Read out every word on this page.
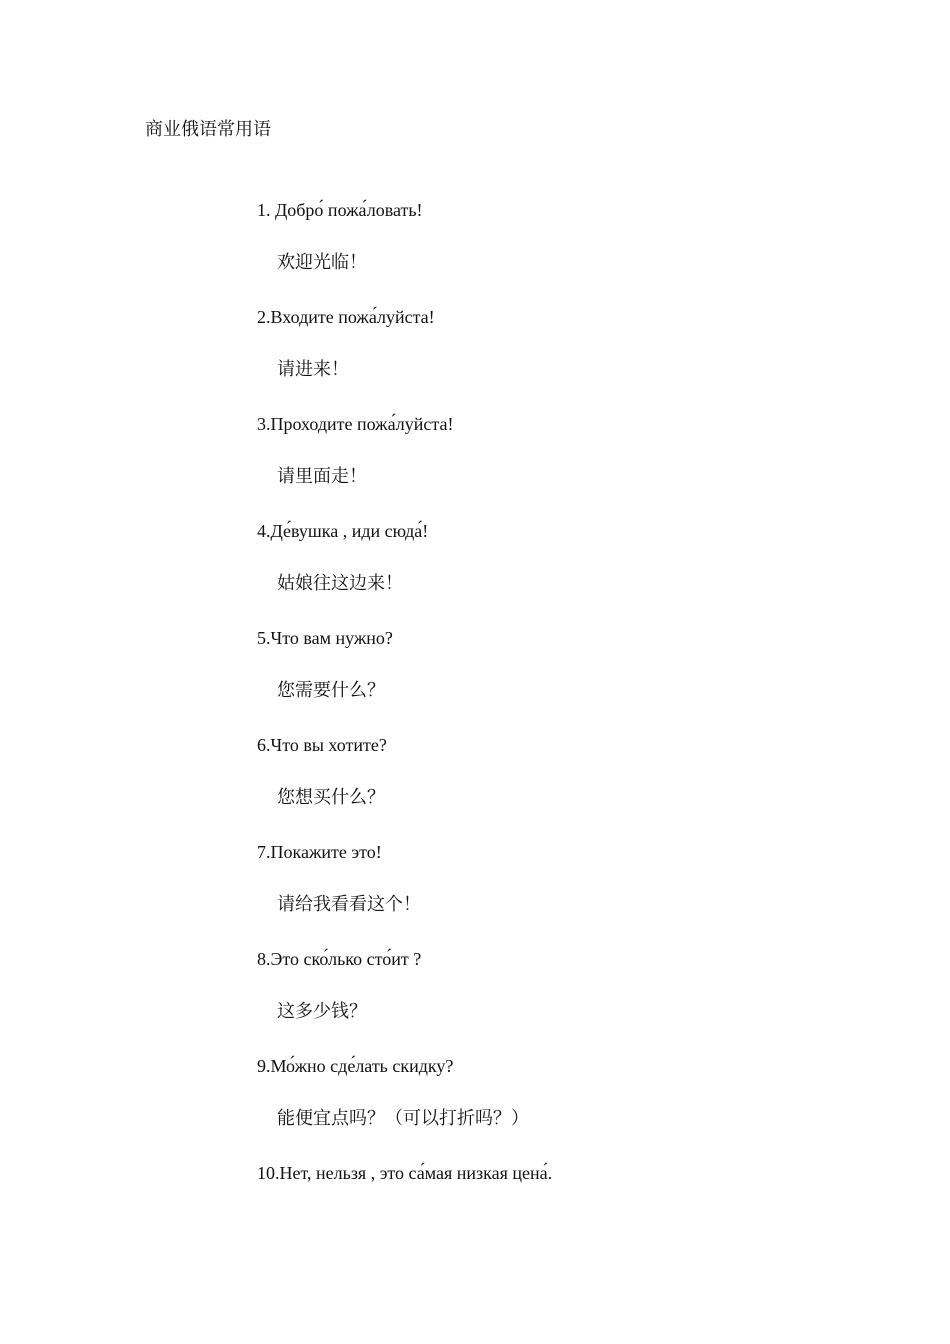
商业俄语常用语
1. Добро́ пожа́ловать!
欢迎光临！
2.Входите пожа́луйста!
请进来！
3.Проходите пожа́луйста!
请里面走！
4.Де́вушка , иди сюда́!
姑娘往这边来！
5.Что вам нужно?
您需要什么？
6.Что вы хотите?
您想买什么？
7.Покажите это!
请给我看看这个！
8.Это ско́лько сто́ит ?
这多少钱？
9.Мо́жно сде́лать скидку?
能便宜点吗？（可以打折吗？）
10.Нет, нельзя , это са́мая низкая цена́.
